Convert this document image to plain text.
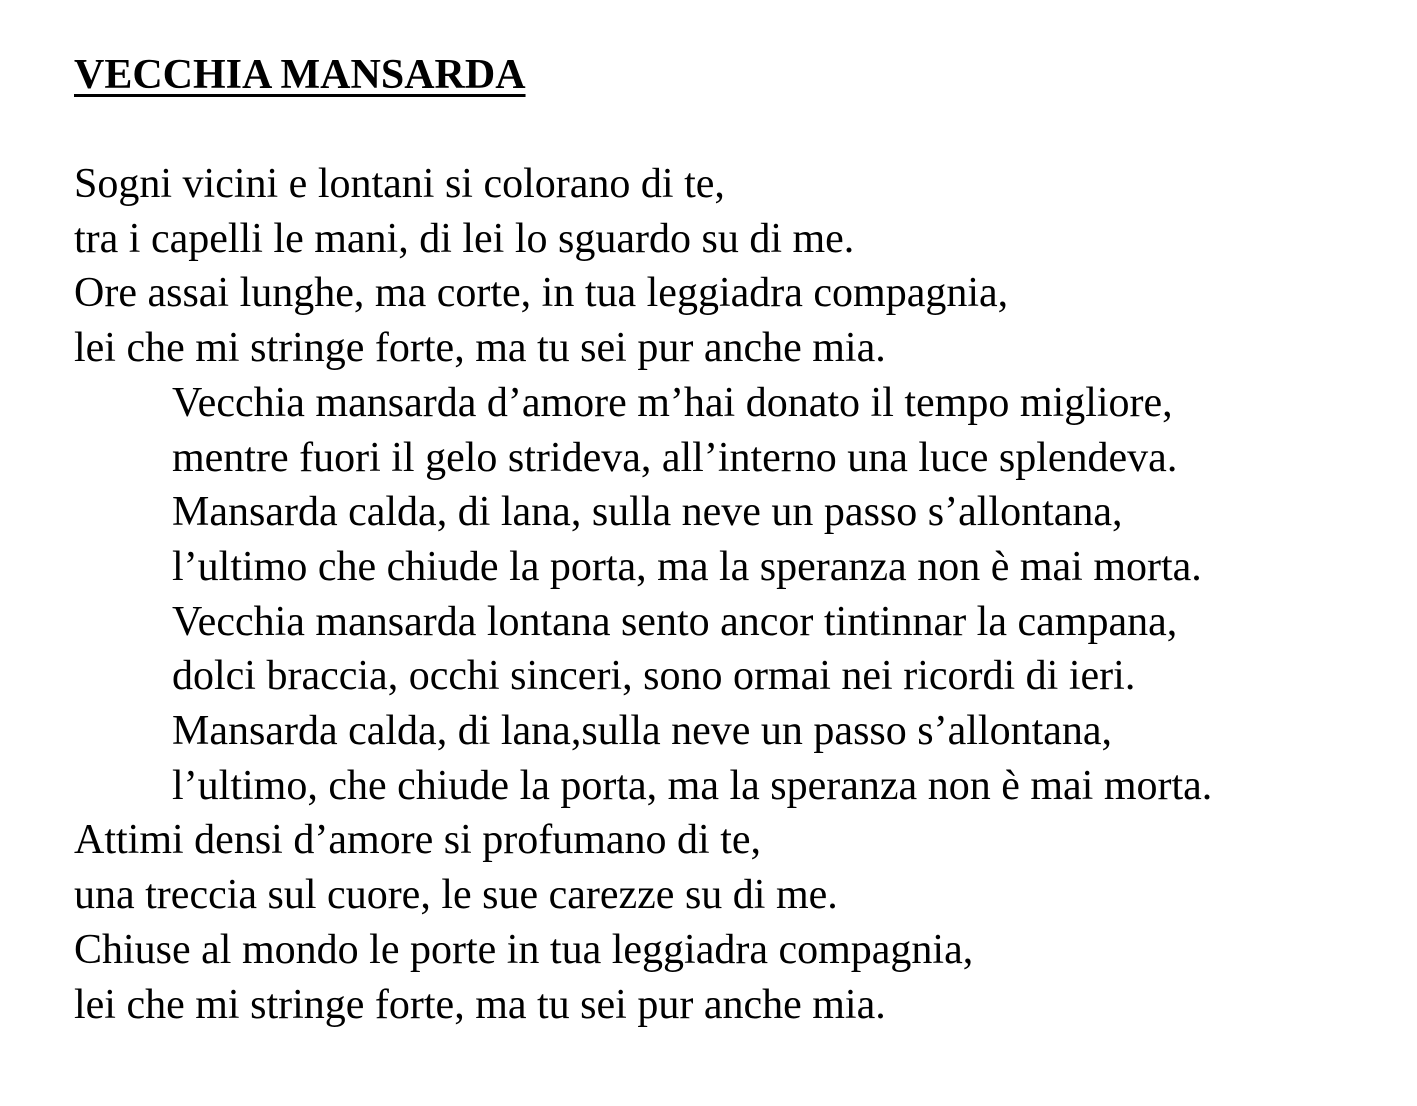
VECCHIA MANSARDA
Sogni vicini e lontani si colorano di te,
tra i capelli le mani, di lei lo sguardo su di me.
Ore assai lunghe, ma corte, in tua leggiadra compagnia,
lei che mi stringe forte, ma tu sei pur anche mia.
Vecchia mansarda d’amore m’hai donato il tempo migliore,
mentre fuori il gelo strideva, all’interno una luce splendeva.
Mansarda calda, di lana, sulla neve un passo s’allontana,
l’ultimo che chiude la porta, ma la speranza non è mai morta.
Vecchia mansarda lontana sento ancor tintinnar la campana,
dolci braccia, occhi sinceri, sono ormai nei ricordi di ieri.
Mansarda calda, di lana,sulla neve un passo s’allontana,
l’ultimo, che chiude la porta, ma la speranza non è mai morta.
Attimi densi d’amore si profumano di te,
una treccia sul cuore, le sue carezze su di me.
Chiuse al mondo le porte in tua leggiadra compagnia,
lei che mi stringe forte, ma tu sei pur anche mia.
